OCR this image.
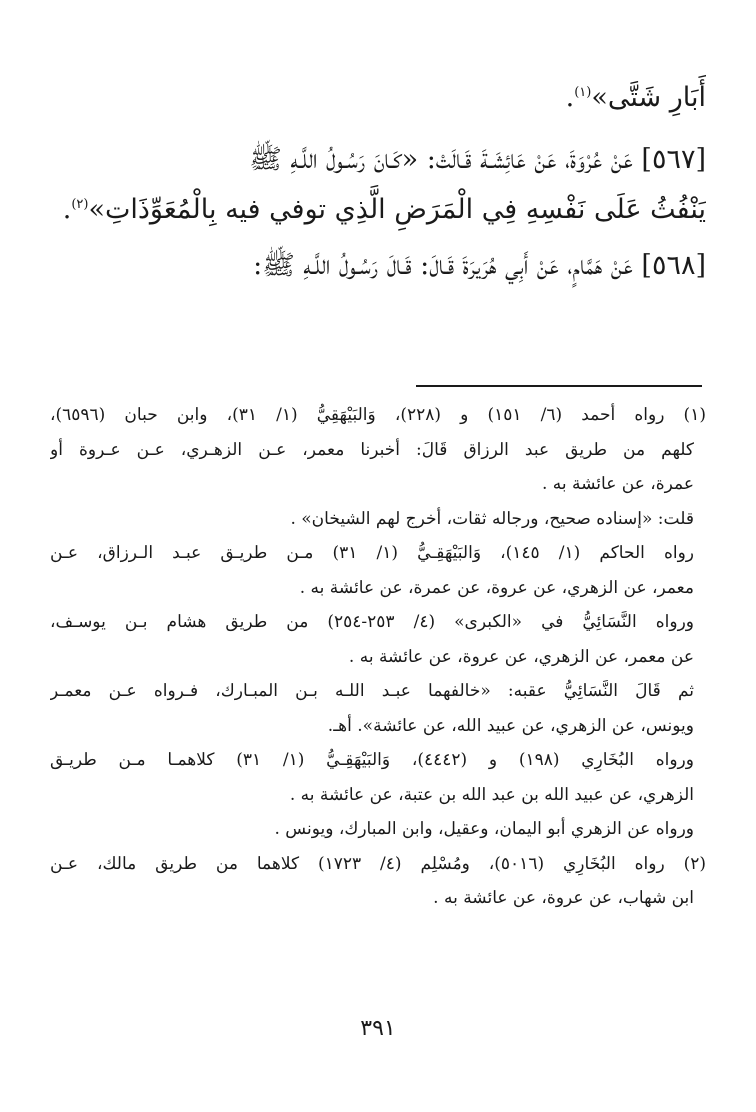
أَبَارِ شَتَّى»$^{(١)}$.
[٥٦٧] عَنْ عُرْوَةَ، عَنْ عَائِشَـةَ قَـالَتْ: «كَـانَ رَسُـولُ اللَّـهِ ﷺ
يَنْفُثُ عَلَى نَفْسِهِ فِي الْمَرَضِ الَّذِي توفي فيه بِالْمُعَوِّذَاتِ»$^{(٢)}$.
[٥٦٨] عَنْ هَمَّامٍ، عَنْ أَبِي هُرَيرَةَ قَـالَ: قَـالَ رَسُـولُ اللَّـهِ ﷺ:
(١) رواه أحمد (٦/ ١٥١) و (٢٢٨)، وَالبَيْهَقِيُّ (١/ ٣١)، وابن حبان (٦٥٩٦)،
كلهم من طريق عبد الرزاق قَالَ: أخبرنا معمر، عـن الزهـري، عـن عـروة أو
عمرة، عن عائشة به .
قلت: «إسناده صحيح، ورجاله ثقات، أخرج لهم الشيخان» .
رواه الحاكم (١/ ١٤٥)، وَالبَيْهَقِـيُّ (١/ ٣١) مـن طريـق عبـد الـرزاق، عـن
معمر، عن الزهري، عن عروة، عن عمرة، عن عائشة به .
ورواه النَّسَائِيُّ في «الكبرى» (٤/ ٢٥٣-٢٥٤) من طريق هشام بـن يوسـف،
عن معمر، عن الزهري، عن عروة، عن عائشة به .
ثم قَالَ النَّسَائِيُّ عقبه: «خالفهما عبـد اللـه بـن المبـارك، فـرواه عـن معمـر
ويونس، عن الزهري، عن عبيد الله، عن عائشة». أهـ.
ورواه البُخَارِي (١٩٨) و (٤٤٤٢)، وَالبَيْهَقِـيُّ (١/ ٣١) كلاهمـا مـن طريـق
الزهري، عن عبيد الله بن عبد الله بن عتبة، عن عائشة به .
ورواه عن الزهري أبو اليمان، وعقيل، وابن المبارك، ويونس .
(٢) رواه البُخَارِي (٥٠١٦)، ومُسْلِم (٤/ ١٧٢٣) كلاهما من طريق مالك، عـن
ابن شهاب، عن عروة، عن عائشة به .
٣٩١
